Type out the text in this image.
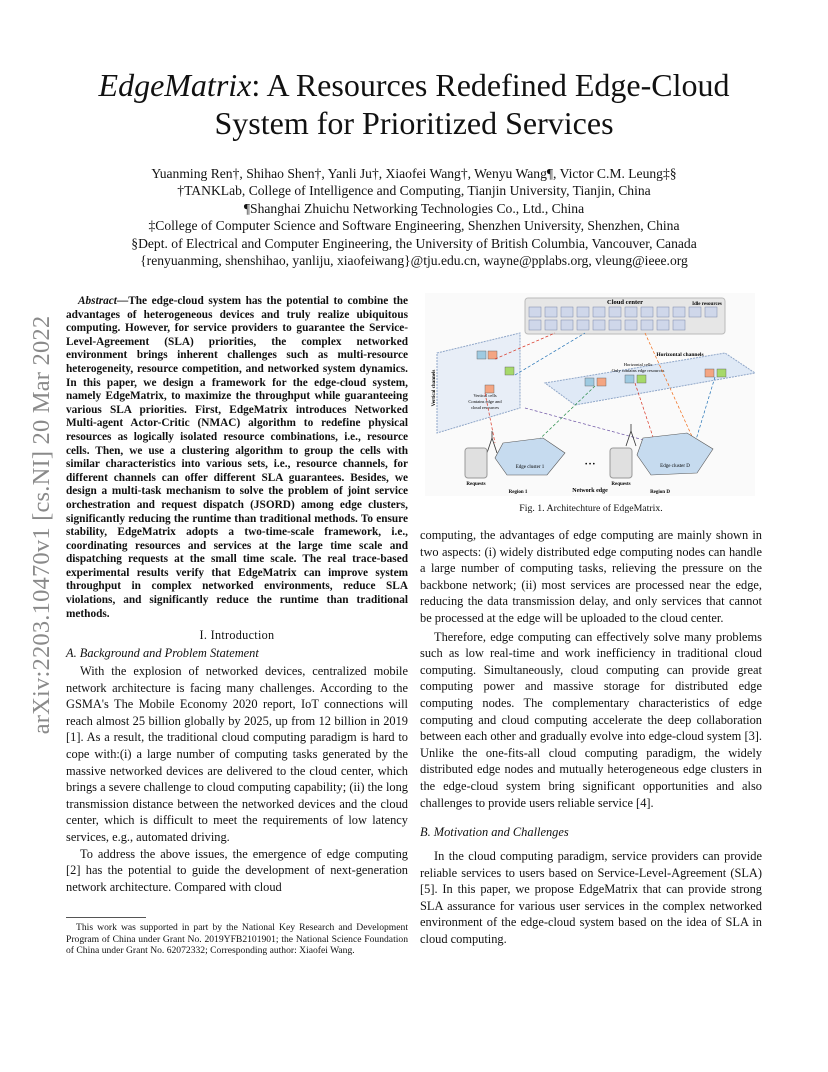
arXiv:2203.10470v1 [cs.NI] 20 Mar 2022
EdgeMatrix: A Resources Redefined Edge-Cloud
System for Prioritized Services
Yuanming Ren†, Shihao Shen†, Yanli Ju†, Xiaofei Wang†, Wenyu Wang¶, Victor C.M. Leung‡§
†TANKLab, College of Intelligence and Computing, Tianjin University, Tianjin, China
¶Shanghai Zhuichu Networking Technologies Co., Ltd., China
‡College of Computer Science and Software Engineering, Shenzhen University, Shenzhen, China
§Dept. of Electrical and Computer Engineering, the University of British Columbia, Vancouver, Canada
{renyuanming, shenshihao, yanliju, xiaofeiwang}@tju.edu.cn, wayne@pplabs.org, vleung@ieee.org
Abstract—The edge-cloud system has the potential to combine the advantages of heterogeneous devices and truly realize ubiquitous computing. However, for service providers to guarantee the Service-Level-Agreement (SLA) priorities, the complex networked environment brings inherent challenges such as multi-resource heterogeneity, resource competition, and networked system dynamics. In this paper, we design a framework for the edge-cloud system, namely EdgeMatrix, to maximize the throughput while guaranteeing various SLA priorities. First, EdgeMatrix introduces Networked Multi-agent Actor-Critic (NMAC) algorithm to redefine physical resources as logically isolated resource combinations, i.e., resource cells. Then, we use a clustering algorithm to group the cells with similar characteristics into various sets, i.e., resource channels, for different channels can offer different SLA guarantees. Besides, we design a multi-task mechanism to solve the problem of joint service orchestration and request dispatch (JSORD) among edge clusters, significantly reducing the runtime than traditional methods. To ensure stability, EdgeMatrix adopts a two-time-scale framework, i.e., coordinating resources and services at the large time scale and dispatching requests at the small time scale. The real trace-based experimental results verify that EdgeMatrix can improve system throughput in complex networked environments, reduce SLA violations, and significantly reduce the runtime than traditional methods.
I. Introduction
A. Background and Problem Statement

With the explosion of networked devices, centralized mobile network architecture is facing many challenges. According to the GSMA's The Mobile Economy 2020 report, IoT connections will reach almost 25 billion globally by 2025, up from 12 billion in 2019 [1]. As a result, the traditional cloud computing paradigm is hard to cope with:(i) a large number of computing tasks generated by the massive networked devices are delivered to the cloud center, which brings a severe challenge to cloud computing capability; (ii) the long transmission distance between the networked devices and the cloud center, which is difficult to meet the requirements of low latency services, e.g., automated driving.

To address the above issues, the emergence of edge computing [2] has the potential to guide the development of next-generation network architecture. Compared with cloud

This work was supported in part by the National Key Research and Development Program of China under Grant No. 2019YFB2101901; the National Science Foundation of China under Grant No. 62072332; Corresponding author: Xiaofei Wang.
Cloud center	Idle resources
Horizontal channels
Horizontal cells
Only contains edge resources
Vertical channels	Vertical cells
Contains edge and
cloud resources
Edge cluster 1	Edge cluster D
Requests	Requests
• • •
Region 1	Network edge	Region D
Fig. 1. Architechture of EdgeMatrix.

computing, the advantages of edge computing are mainly shown in two aspects: (i) widely distributed edge computing nodes can handle a large number of computing tasks, relieving the pressure on the backbone network; (ii) most services are processed near the edge, reducing the data transmission delay, and only services that cannot be processed at the edge will be uploaded to the cloud center.

Therefore, edge computing can effectively solve many problems such as low real-time and work inefficiency in traditional cloud computing. Simultaneously, cloud computing can provide great computing power and massive storage for distributed edge computing nodes. The complementary characteristics of edge computing and cloud computing accelerate the deep collaboration between each other and gradually evolve into edge-cloud system [3]. Unlike the one-fits-all cloud computing paradigm, the widely distributed edge nodes and mutually heterogeneous edge clusters in the edge-cloud system bring significant opportunities and also challenges to provide users reliable service [4].

B. Motivation and Challenges

In the cloud computing paradigm, service providers can provide reliable services to users based on Service-Level-Agreement (SLA) [5]. In this paper, we propose EdgeMatrix that can provide strong SLA assurance for various user services in the complex networked environment of the edge-cloud system based on the idea of SLA in cloud computing.
